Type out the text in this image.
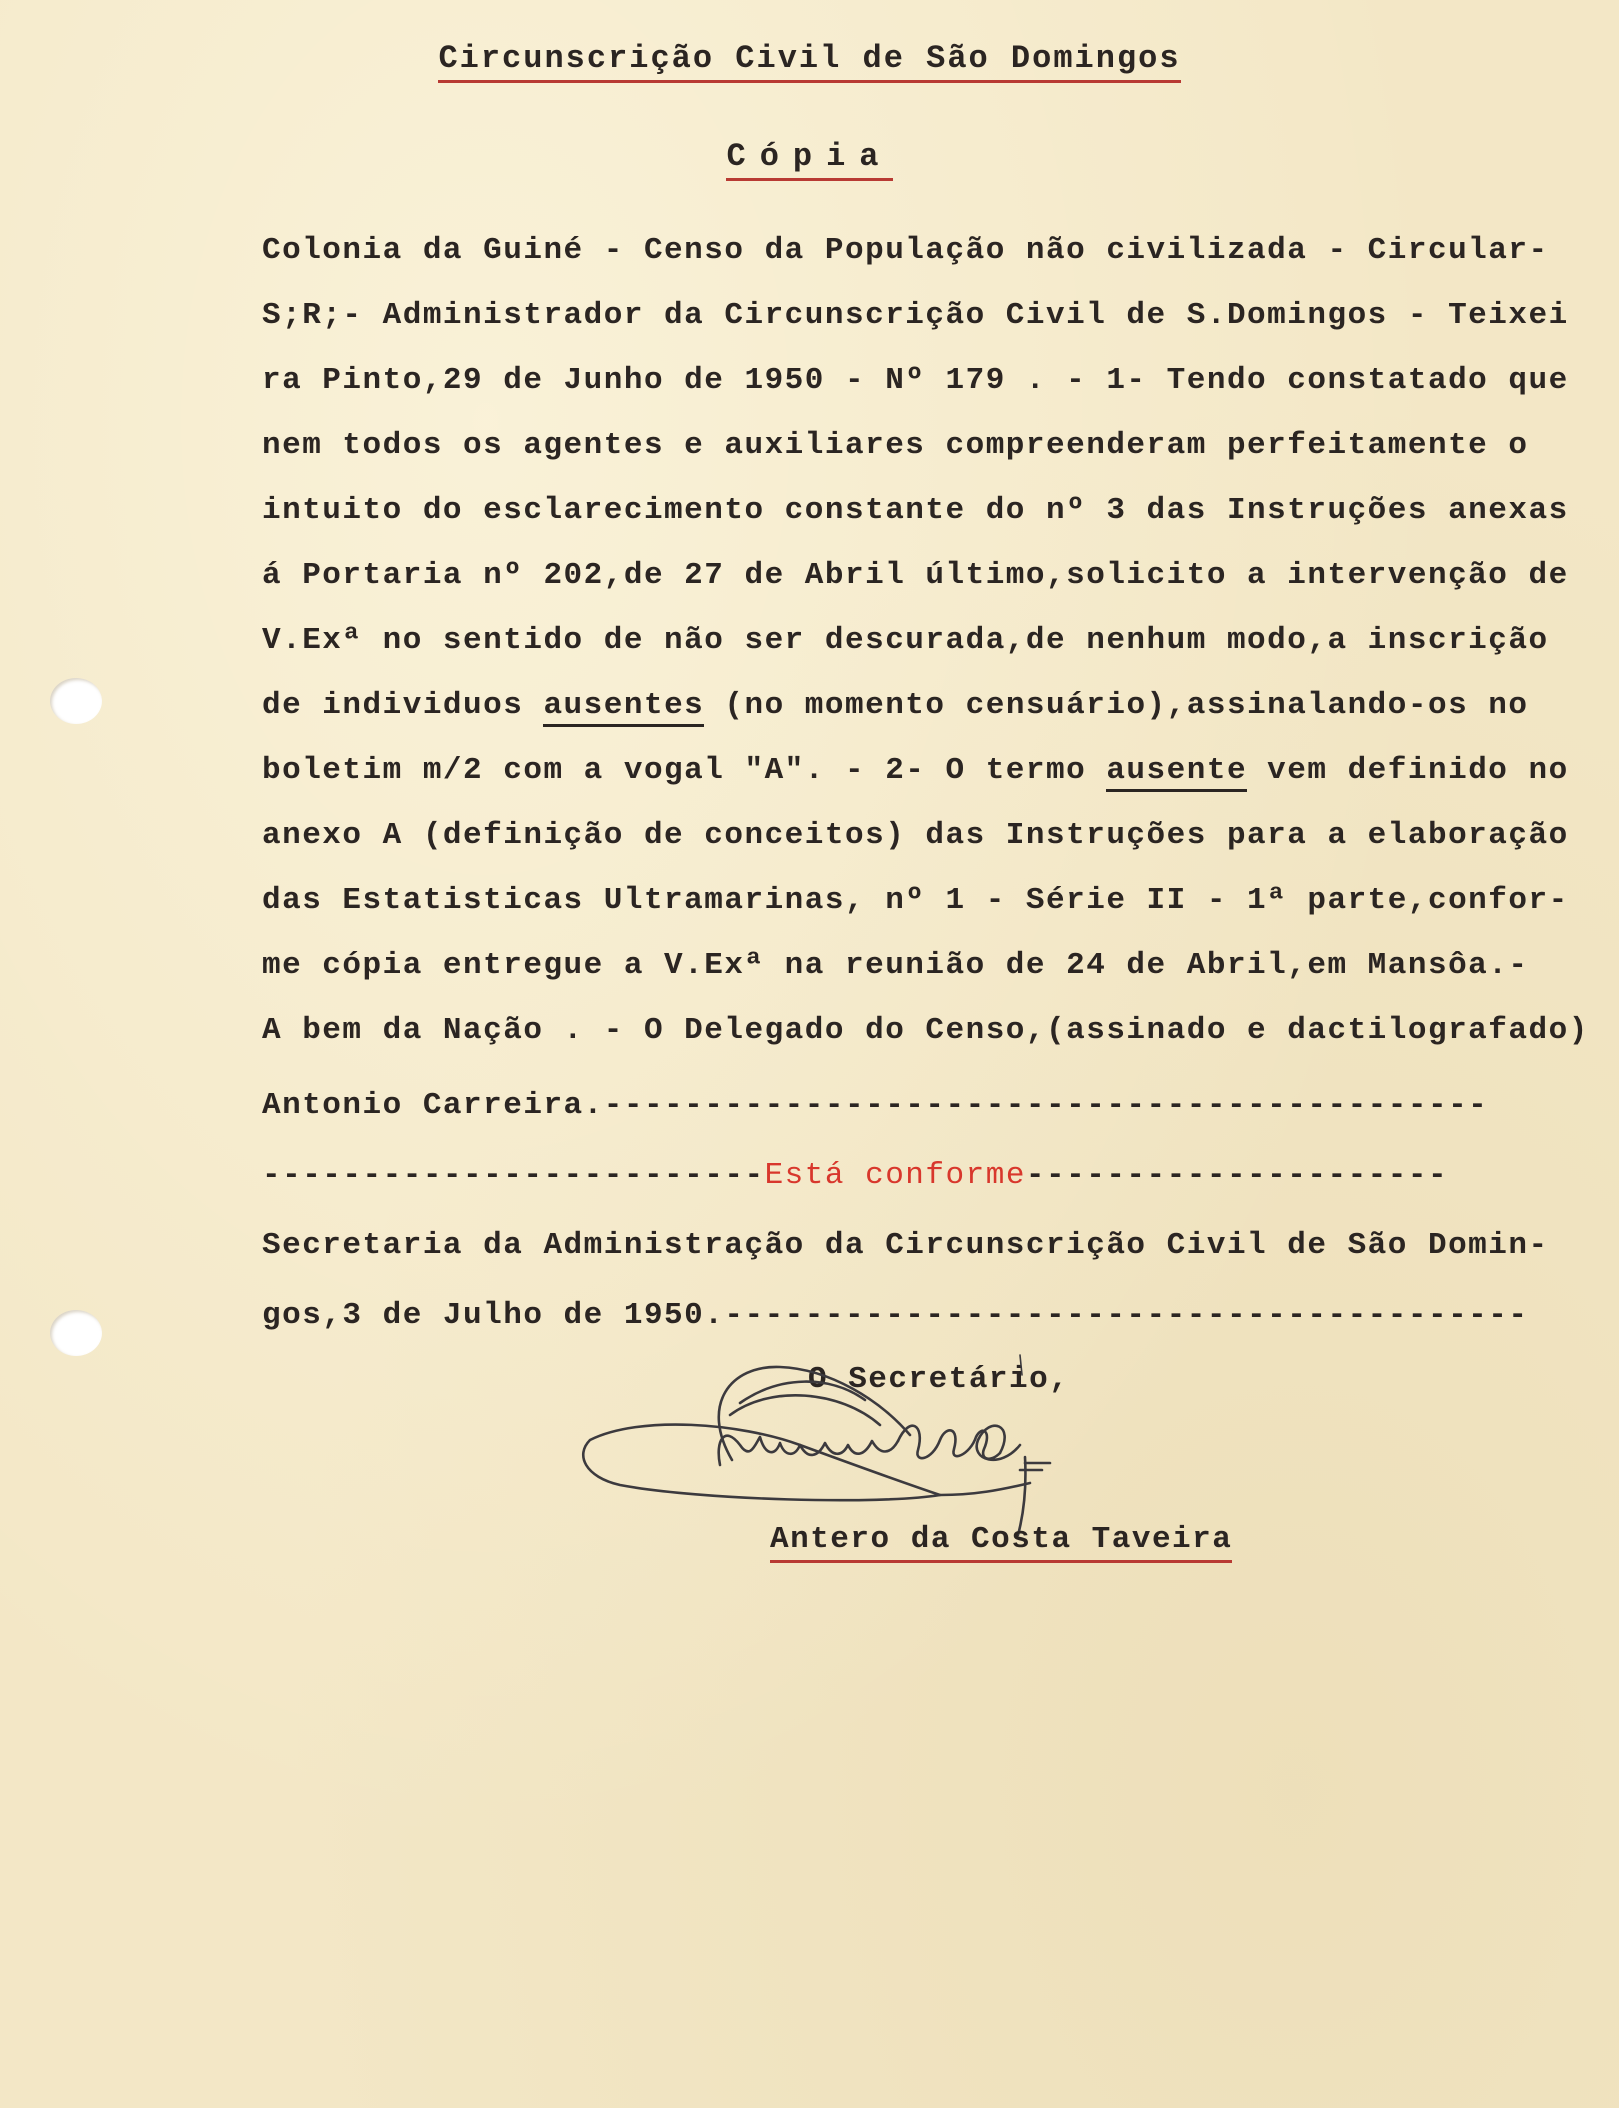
Circunscrição Civil de São Domingos
Cópia
Colonia da Guiné - Censo da População não civilizada - Circular-
S;R;- Administrador da Circunscrição Civil de S.Domingos - Teixei
ra Pinto,29 de Junho de 1950 - Nº 179 . - 1- Tendo constatado que
nem todos os agentes e auxiliares compreenderam perfeitamente o
intuito do esclarecimento constante do nº 3 das Instruções anexas
á Portaria nº 202,de 27 de Abril último,solicito a intervenção de
V.Exª no sentido de não ser descurada,de nenhum modo,a inscrição
de individuos ausentes (no momento censuário),assinalando-os no
boletim m/2 com a vogal "A". - 2- O termo ausente vem definido no
anexo A (definição de conceitos) das Instruções para a elaboração
das Estatisticas Ultramarinas, nº 1 - Série II - 1ª parte,confor-
me cópia entregue a V.Exª na reunião de 24 de Abril,em Mansôa.-
A bem da Nação . - O Delegado do Censo,(assinado e dactilografado)
Antonio Carreira.--------------------------------------------
-------------------------Está conforme---------------------
Secretaria da Administração da Circunscrição Civil de São Domin-
gos,3 de Julho de 1950.----------------------------------------
O Secretário,
Antero da Costa Taveira
